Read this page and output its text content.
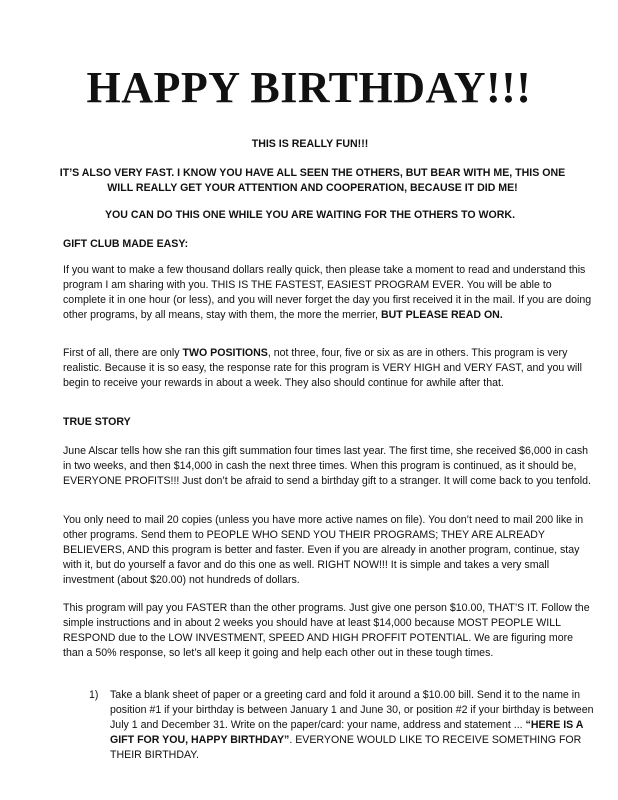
HAPPY BIRTHDAY!!!
THIS IS REALLY FUN!!!
IT’S ALSO VERY FAST. I KNOW YOU HAVE ALL SEEN THE OTHERS, BUT BEAR WITH ME, THIS ONE WILL REALLY GET YOUR ATTENTION AND COOPERATION, BECAUSE IT DID ME!
YOU CAN DO THIS ONE WHILE YOU ARE WAITING FOR THE OTHERS TO WORK.
GIFT CLUB MADE EASY:
If you want to make a few thousand dollars really quick, then please take a moment to read and understand this program I am sharing with you. THIS IS THE FASTEST, EASIEST PROGRAM EVER. You will be able to complete it in one hour (or less), and you will never forget the day you first received it in the mail. If you are doing other programs, by all means, stay with them, the more the merrier, BUT PLEASE READ ON.
First of all, there are only TWO POSITIONS, not three, four, five or six as are in others. This program is very realistic. Because it is so easy, the response rate for this program is VERY HIGH and VERY FAST, and you will begin to receive your rewards in about a week. They also should continue for awhile after that.
TRUE STORY
June Alscar tells how she ran this gift summation four times last year. The first time, she received $6,000 in cash in two weeks, and then $14,000 in cash the next three times. When this program is continued, as it should be, EVERYONE PROFITS!!! Just don’t be afraid to send a birthday gift to a stranger. It will come back to you tenfold.
You only need to mail 20 copies (unless you have more active names on file). You don’t need to mail 200 like in other programs. Send them to PEOPLE WHO SEND YOU THEIR PROGRAMS; THEY ARE ALREADY BELIEVERS, AND this program is better and faster. Even if you are already in another program, continue, stay with it, but do yourself a favor and do this one as well. RIGHT NOW!!! It is simple and takes a very small investment (about $20.00) not hundreds of dollars.
This program will pay you FASTER than the other programs. Just give one person $10.00, THAT’S IT. Follow the simple instructions and in about 2 weeks you should have at least $14,000 because MOST PEOPLE WILL RESPOND due to the LOW INVESTMENT, SPEED AND HIGH PROFFIT POTENTIAL. We are figuring more than a 50% response, so let’s all keep it going and help each other out in these tough times.
1)	Take a blank sheet of paper or a greeting card and fold it around a $10.00 bill. Send it to the name in position #1 if your birthday is between January 1 and June 30, or position #2 if your birthday is between July 1 and December 31. Write on the paper/card: your name, address and statement ... “HERE IS A GIFT FOR YOU, HAPPY BIRTHDAY”. EVERYONE WOULD LIKE TO RECEIVE SOMETHING FOR THEIR BIRTHDAY.
